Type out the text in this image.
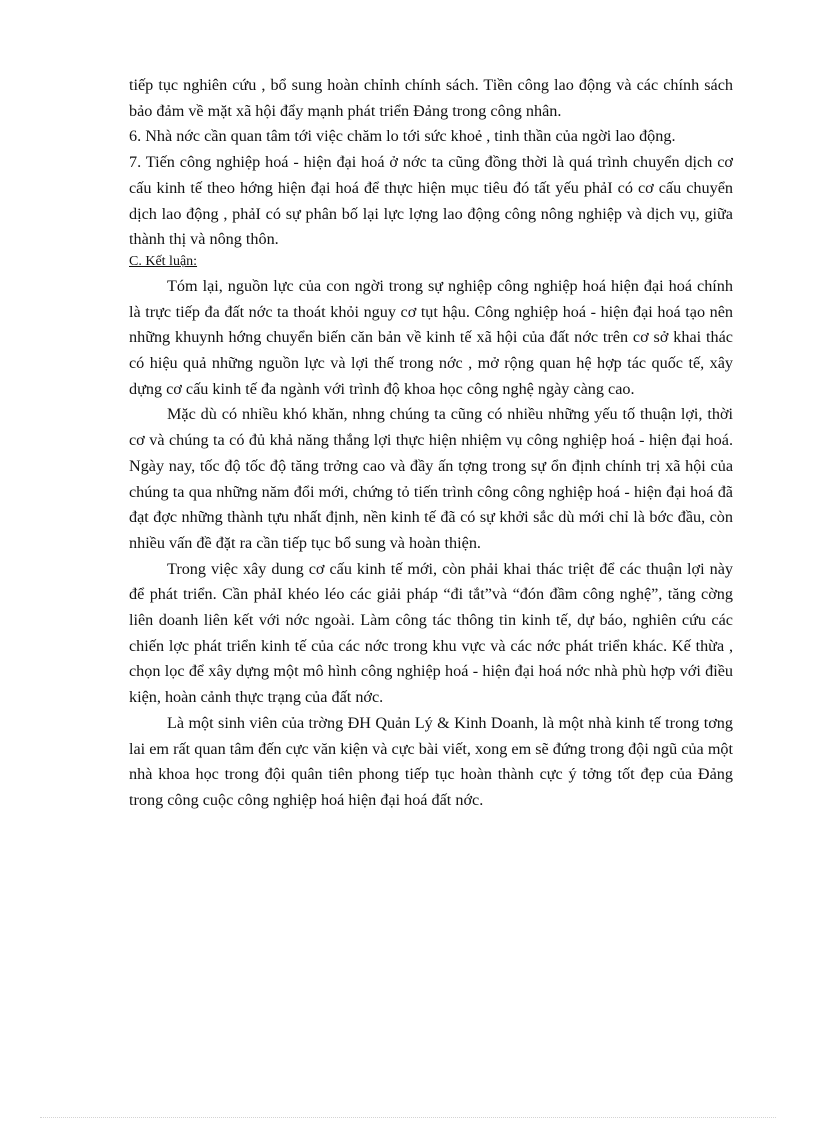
tiếp tục nghiên cứu , bổ sung hoàn chỉnh chính sách. Tiền công lao động và các chính sách bảo đảm về mặt xã hội đẩy mạnh phát triển Đảng trong công nhân.

6. Nhà nớc cần quan tâm tới việc chăm lo tới sức khoẻ , tinh thần của ngời lao động.

7. Tiến công nghiệp hoá - hiện đại hoá ở nớc ta cũng đồng thời là quá trình chuyển dịch cơ cấu kinh tế theo hớng hiện đại hoá để thực hiện mục tiêu đó tất yếu phảI có cơ cấu chuyển dịch lao động , phảI có sự phân bố lại lực lợng lao động công nông nghiệp và dịch vụ, giữa thành thị và nông thôn.

C. Kết luận:

Tóm lại, nguồn lực của con ngời trong sự nghiệp công nghiệp hoá hiện đại hoá chính là trực tiếp đa đất nớc ta thoát khỏi nguy cơ tụt hậu. Công nghiệp hoá - hiện đại hoá tạo nên những khuynh hớng chuyển biến căn bản về kinh tế xã hội của đất nớc trên cơ sở khai thác có hiệu quả những nguồn lực và lợi thế trong nớc , mở rộng quan hệ hợp tác quốc tế, xây dựng cơ cấu kinh tế đa ngành với trình độ khoa học công nghệ ngày càng cao.

Mặc dù có nhiều khó khăn, nhng chúng ta cũng có nhiều những yếu tố thuận lợi, thời cơ và chúng ta có đủ khả năng thắng lợi thực hiện nhiệm vụ công nghiệp hoá - hiện đại hoá. Ngày nay, tốc độ tốc độ tăng trởng cao và đầy ấn tợng trong sự ổn định chính trị xã hội của chúng ta qua những năm đổi mới, chứng tỏ tiến trình công công nghiệp hoá - hiện đại hoá đã đạt đợc những thành tựu nhất định, nền kinh tế đã có sự khởi sắc dù mới chỉ là bớc đầu, còn nhiều vấn đề đặt ra cần tiếp tục bổ sung và hoàn thiện.

Trong việc xây dung cơ cấu kinh tế mới, còn phải khai thác triệt để các thuận lợi này để phát triển. Cần phảI khéo léo các giải pháp “đi tắt”và “đón đầm công nghệ”, tăng cờng liên doanh liên kết với nớc ngoài. Làm công tác thông tin kinh tế, dự báo, nghiên cứu các chiến lợc phát triển kinh tế của các nớc trong khu vực và các nớc phát triển khác. Kế thừa , chọn lọc để xây dựng một mô hình công nghiệp hoá - hiện đại hoá nớc nhà phù hợp với điều kiện, hoàn cảnh thực trạng của đất nớc.

Là một sinh viên của trờng ĐH Quản Lý & Kinh Doanh, là một nhà kinh tế trong tơng lai em rất quan tâm đến cực văn kiện và cực bài viết, xong em sẽ đứng trong đội ngũ của một nhà khoa học trong đội quân tiên phong tiếp tục hoàn thành cực ý tởng tốt đẹp của Đảng trong công cuộc công nghiệp hoá hiện đại hoá đất nớc.
